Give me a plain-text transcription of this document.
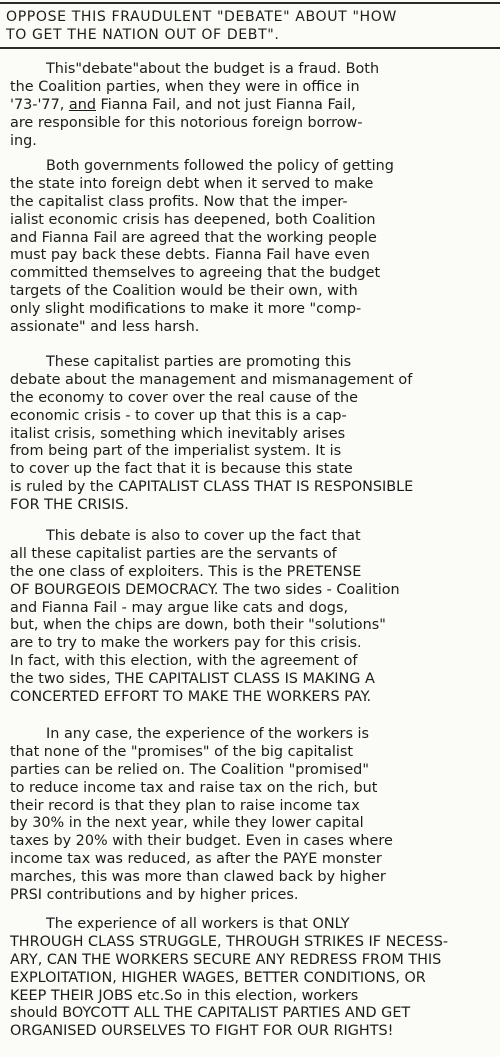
OPPOSE THIS FRAUDULENT "DEBATE" ABOUT "HOW
TO GET THE NATION OUT OF DEBT".
This"debate"about the budget is a fraud. Both
the Coalition parties, when they were in office in
'73-'77, and Fianna Fail, and not just Fianna Fail,
are responsible for this notorious foreign borrow-
ing.
Both governments followed the policy of getting
the state into foreign debt when it served to make
the capitalist class profits. Now that the imper-
ialist economic crisis has deepened, both Coalition
and Fianna Fail are agreed that the working people
must pay back these debts. Fianna Fail have even
committed themselves to agreeing that the budget
targets of the Coalition would be their own, with
only slight modifications to make it more "comp-
assionate" and less harsh.
These capitalist parties are promoting this
debate about the management and mismanagement of
the economy to cover over the real cause of the
economic crisis - to cover up that this is a cap-
italist crisis, something which inevitably arises
from being part of the imperialist system. It is
to cover up the fact that it is because this state
is ruled by the CAPITALIST CLASS THAT IS RESPONSIBLE
FOR THE CRISIS.
This debate is also to cover up the fact that
all these capitalist parties are the servants of
the one class of exploiters. This is the PRETENSE
OF BOURGEOIS DEMOCRACY. The two sides - Coalition
and Fianna Fail - may argue like cats and dogs,
but, when the chips are down, both their "solutions"
are to try to make the workers pay for this crisis.
In fact, with this election, with the agreement of
the two sides, THE CAPITALIST CLASS IS MAKING A
CONCERTED EFFORT TO MAKE THE WORKERS PAY.
In any case, the experience of the workers is
that none of the "promises" of the big capitalist
parties can be relied on. The Coalition "promised"
to reduce income tax and raise tax on the rich, but
their record is that they plan to raise income tax
by 30% in the next year, while they lower capital
taxes by 20% with their budget. Even in cases where
income tax was reduced, as after the PAYE monster
marches, this was more than clawed back by higher
PRSI contributions and by higher prices.
The experience of all workers is that ONLY
THROUGH CLASS STRUGGLE, THROUGH STRIKES IF NECESS-
ARY, CAN THE WORKERS SECURE ANY REDRESS FROM THIS
EXPLOITATION, HIGHER WAGES, BETTER CONDITIONS, OR
KEEP THEIR JOBS etc.So in this election, workers
should BOYCOTT ALL THE CAPITALIST PARTIES AND GET
ORGANISED OURSELVES TO FIGHT FOR OUR RIGHTS!
